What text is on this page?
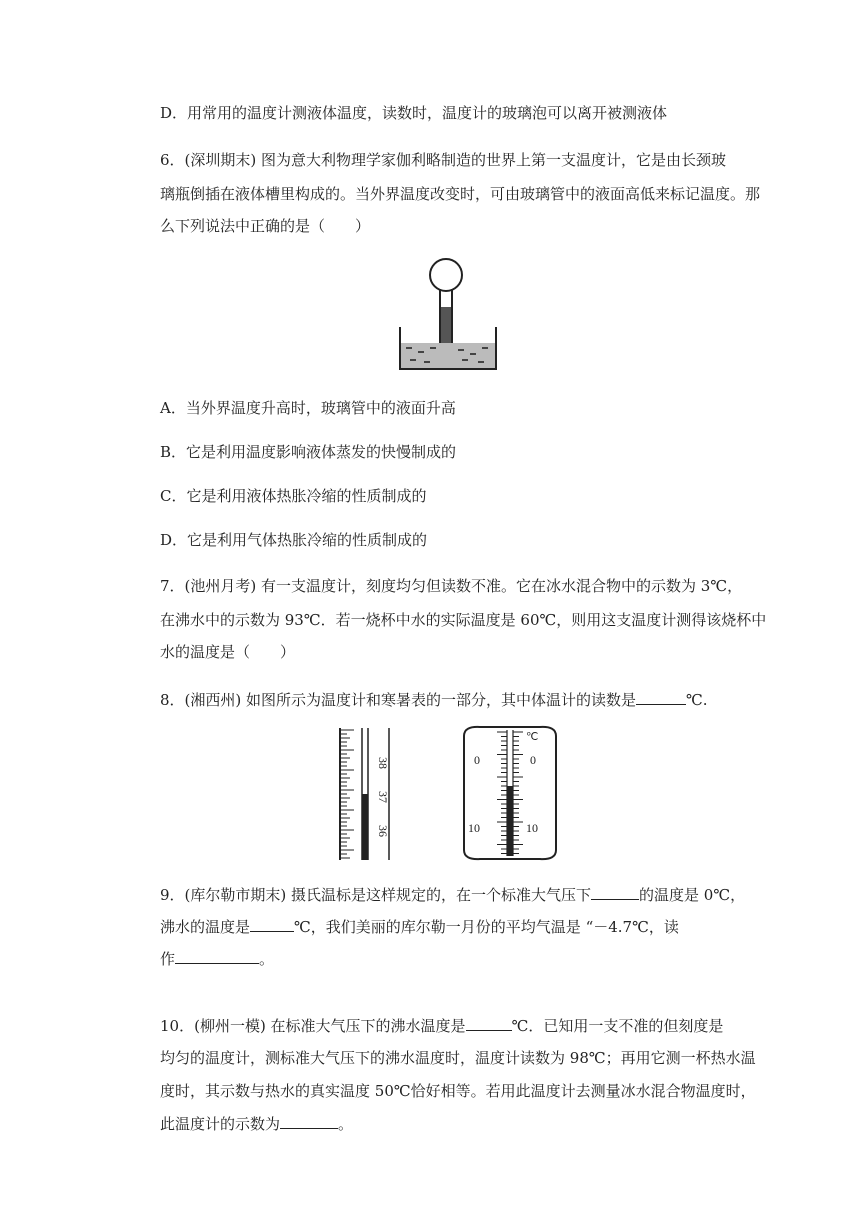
D．用常用的温度计测液体温度，读数时，温度计的玻璃泡可以离开被测液体
6．(深圳期末) 图为意大利物理学家伽利略制造的世界上第一支温度计，它是由长颈玻
璃瓶倒插在液体槽里构成的。当外界温度改变时，可由玻璃管中的液面高低来标记温度。那
么下列说法中正确的是（　　）
A．当外界温度升高时，玻璃管中的液面升高
B．它是利用温度影响液体蒸发的快慢制成的
C．它是利用液体热胀冷缩的性质制成的
D．它是利用气体热胀冷缩的性质制成的
7．(池州月考) 有一支温度计，刻度均匀但读数不准。它在冰水混合物中的示数为 3℃，
在沸水中的示数为 93℃．若一烧杯中水的实际温度是 60℃，则用这支温度计测得该烧杯中
水的温度是（　　）
8．(湘西州) 如图所示为温度计和寒暑表的一部分，其中体温计的读数是	℃.
38
37
36
℃
0	0
10	10
9．(库尔勒市期末) 摄氏温标是这样规定的，在一个标准大气压下	的温度是 0℃，
沸水的温度是	℃，我们美丽的库尔勒一月份的平均气温是 “－4.7℃，读
作	。
10．(柳州一模) 在标准大气压下的沸水温度是	℃．已知用一支不准的但刻度是
均匀的温度计，测标准大气压下的沸水温度时，温度计读数为 98℃；再用它测一杯热水温
度时，其示数与热水的真实温度 50℃恰好相等。若用此温度计去测量冰水混合物温度时，
此温度计的示数为	。
